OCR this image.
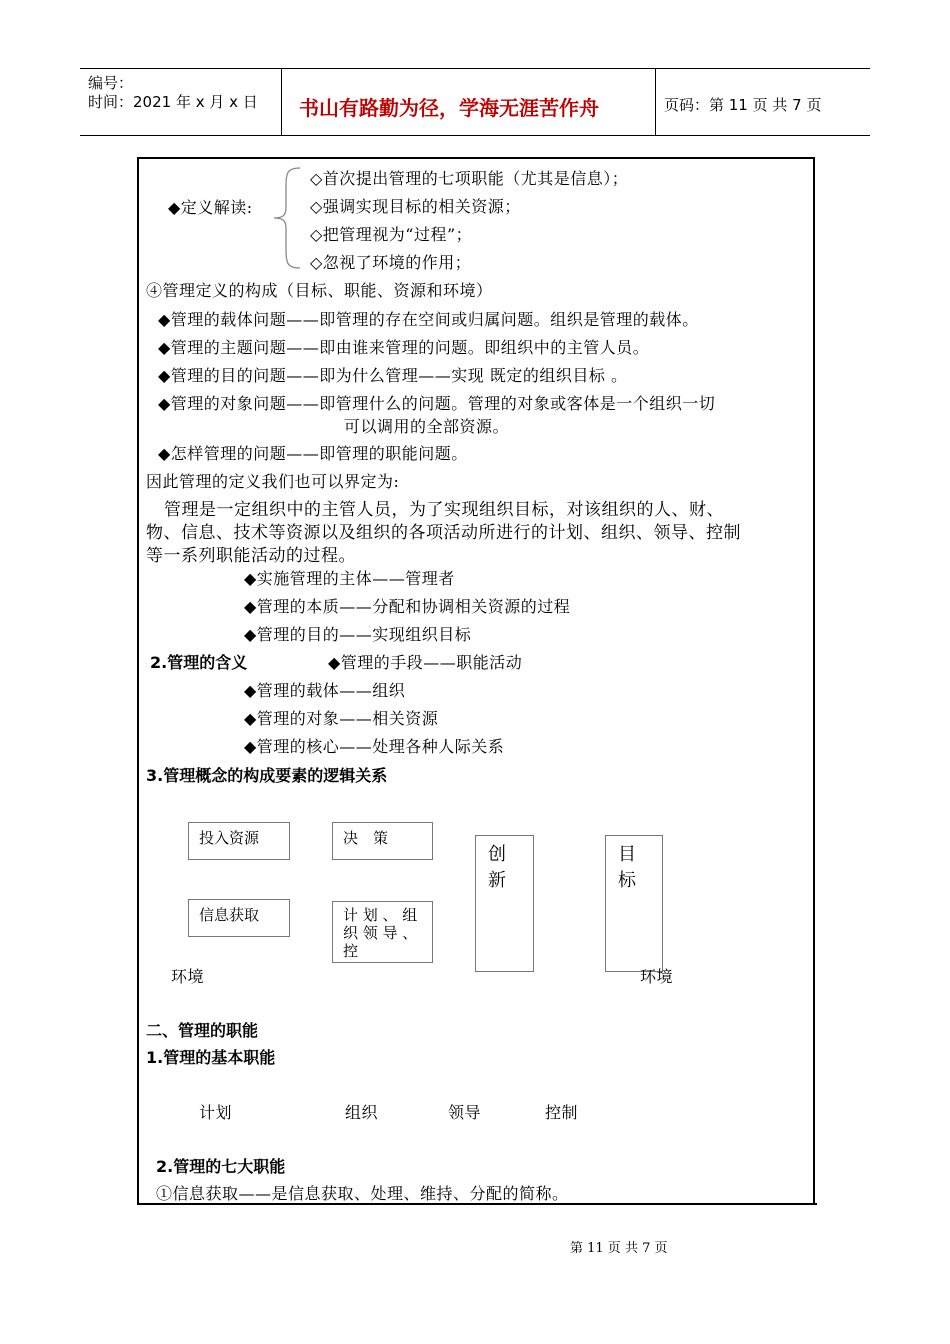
编号：
时间：2021 年 x 月 x 日 书山有路勤为径，学海无涯苦作舟	页码：第 11 页 共 7 页
◆定义解读:
◇首次提出管理的七项职能（尤其是信息）；
◇强调实现目标的相关资源；
◇把管理视为“过程”；
◇忽视了环境的作用；
④管理定义的构成（目标、职能、资源和环境）
◆管理的载体问题——即管理的存在空间或归属问题。组织是管理的载体。
◆管理的主题问题——即由谁来管理的问题。即组织中的主管人员。
◆管理的目的问题——即为什么管理——实现 既定的组织目标 。
◆管理的对象问题——即管理什么的问题。管理的对象或客体是一个组织一切
可以调用的全部资源。
◆怎样管理的问题——即管理的职能问题。
因此管理的定义我们也可以界定为:
管理是一定组织中的主管人员，为了实现组织目标，对该组织的人、财、
物、信息、技术等资源以及组织的各项活动所进行的计划、组织、领导、控制
等一系列职能活动的过程。
◆实施管理的主体——管理者
◆管理的本质——分配和协调相关资源的过程
◆管理的目的——实现组织目标
2.管理的含义	◆管理的手段——职能活动
◆管理的载体——组织
◆管理的对象——相关资源
◆管理的核心——处理各种人际关系
3.管理概念的构成要素的逻辑关系
投入资源	决　策
信息获取	计 划 、 组 织 领 导 、 控
创 新
目 标
环境	环境
二、管理的职能
1.管理的基本职能
计划	组织	领导	控制
2.管理的七大职能
①信息获取——是信息获取、处理、维持、分配的简称。
第 11 页 共 7 页
